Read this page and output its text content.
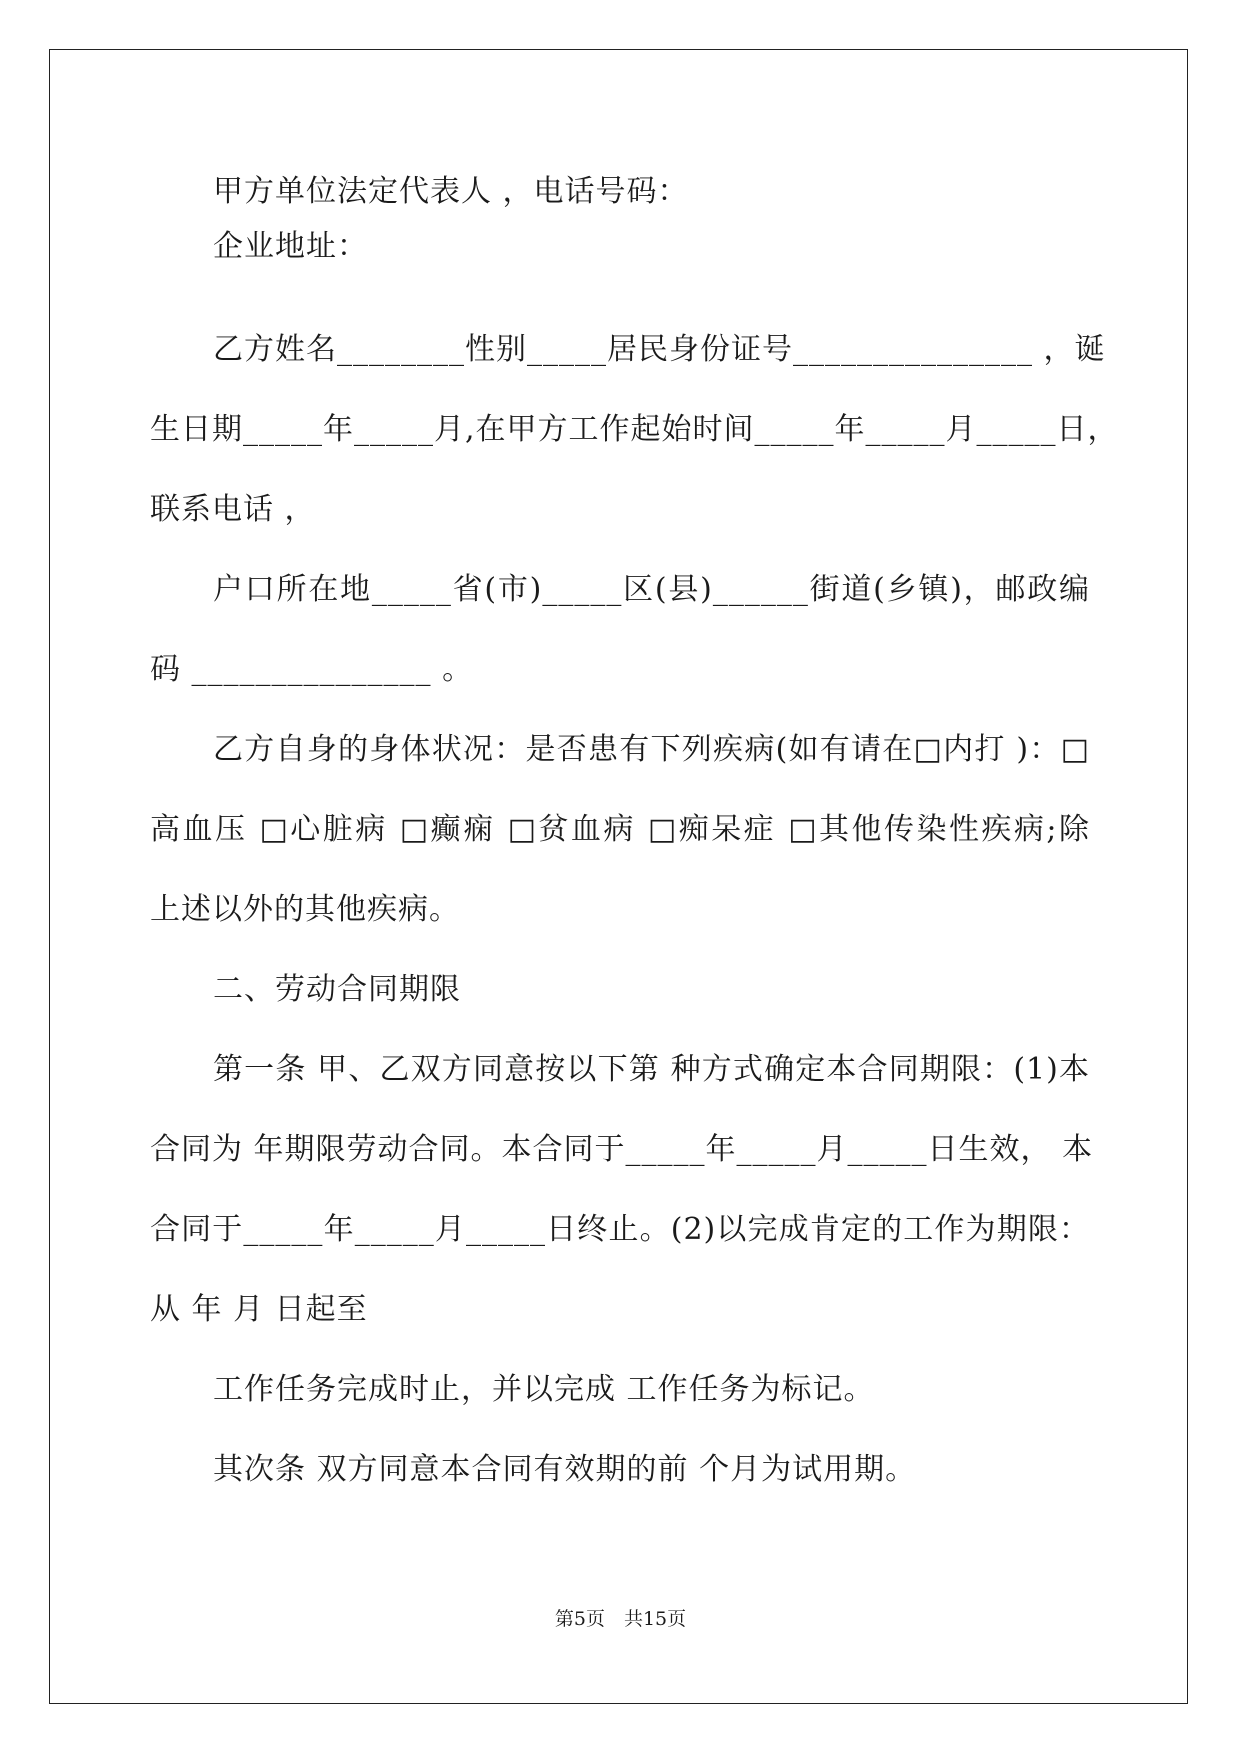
甲方单位法定代表人 ，电话号码：
企业地址：
乙方姓名________性别_____居民身份证号_______________ ，诞
生日期_____年_____月,在甲方工作起始时间_____年_____月_____日，
联系电话 ，
户口所在地_____省(市)_____区(县)______街道(乡镇)，邮政编
码 _______________ 。
乙方自身的身体状况：是否患有下列疾病(如有请在□内打 )：□
高血压 □心脏病 □癫痫 □贫血病 □痴呆症 □其他传染性疾病;除
上述以外的其他疾病。
二、劳动合同期限
第一条 甲、乙双方同意按以下第 种方式确定本合同期限：(1)本
合同为 年期限劳动合同。本合同于_____年_____月_____日生效， 本
合同于_____年_____月_____日终止。(2)以完成肯定的工作为期限：
从 年 月 日起至
工作任务完成时止，并以完成 工作任务为标记。
其次条 双方同意本合同有效期的前 个月为试用期。
第5页　共15页
